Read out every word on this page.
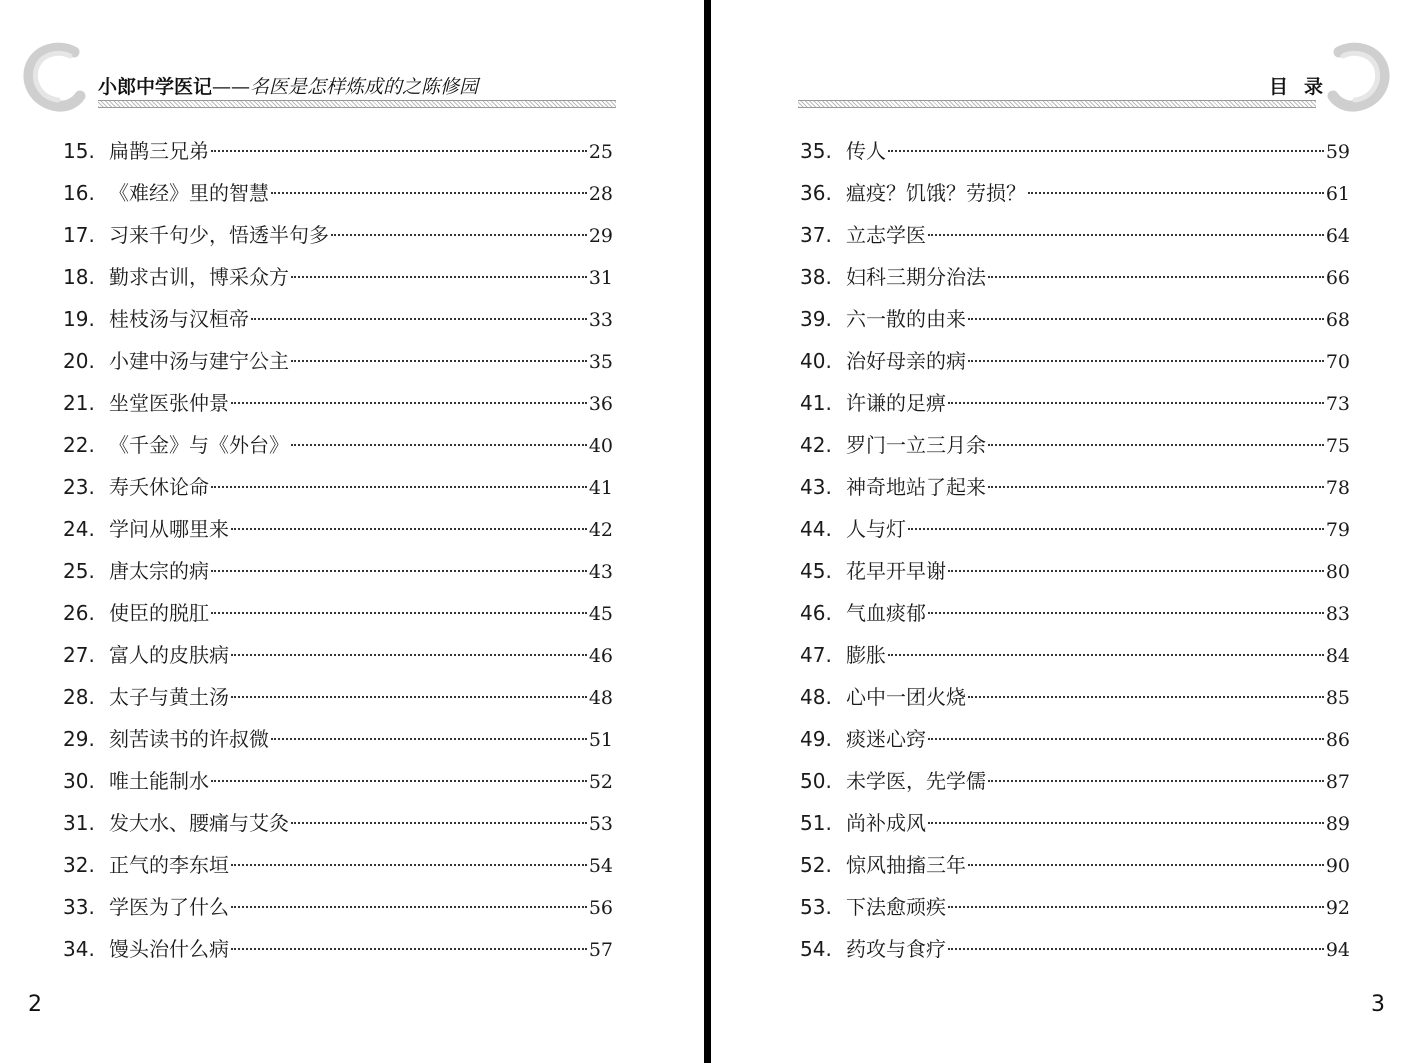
小郎中学医记——名医是怎样炼成的之陈修园
15. 扁鹊三兄弟	25
16. 《难经》里的智慧	28
17. 习来千句少，悟透半句多	29
18. 勤求古训，博采众方	31
19. 桂枝汤与汉桓帝	33
20. 小建中汤与建宁公主	35
21. 坐堂医张仲景	36
22. 《千金》与《外台》	40
23. 寿夭休论命	41
24. 学问从哪里来	42
25. 唐太宗的病	43
26. 使臣的脱肛	45
27. 富人的皮肤病	46
28. 太子与黄土汤	48
29. 刻苦读书的许叔微	51
30. 唯土能制水	52
31. 发大水、腰痛与艾灸	53
32. 正气的李东垣	54
33. 学医为了什么	56
34. 馒头治什么病	57
2
目录
35. 传人	59
36. 瘟疫？饥饿？劳损？	61
37. 立志学医	64
38. 妇科三期分治法	66
39. 六一散的由来	68
40. 治好母亲的病	70
41. 许谦的足痹	73
42. 罗门一立三月余	75
43. 神奇地站了起来	78
44. 人与灯	79
45. 花早开早谢	80
46. 气血痰郁	83
47. 膨胀	84
48. 心中一团火烧	85
49. 痰迷心窍	86
50. 未学医，先学儒	87
51. 尚补成风	89
52. 惊风抽搐三年	90
53. 下法愈顽疾	92
54. 药攻与食疗	94
3
